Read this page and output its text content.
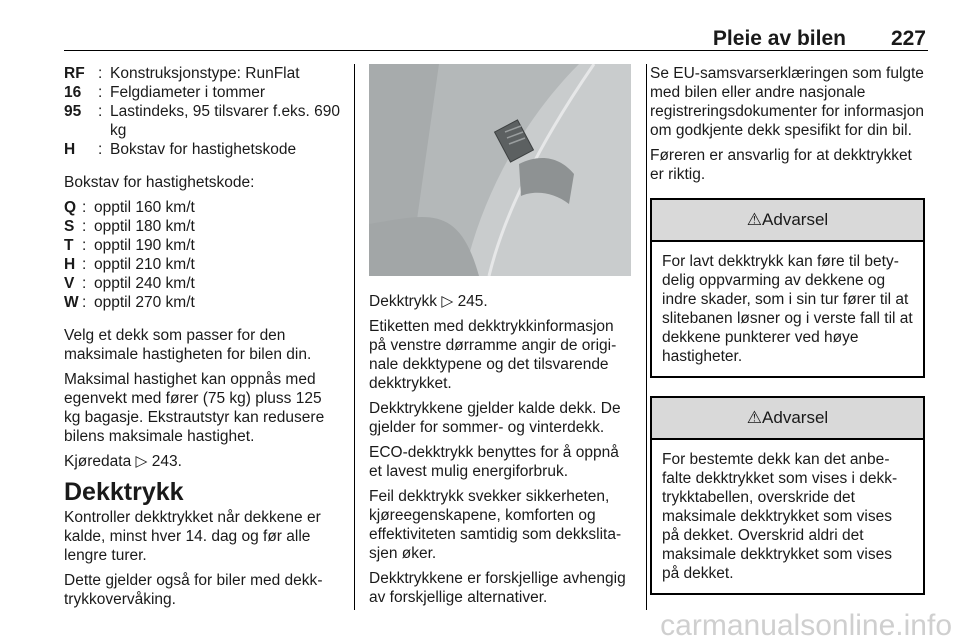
Pleie av bilen 227
RF : Konstruksjonstype: RunFlat
16	: Felgdiameter i tommer
95	: Lastindeks, 95 tilsvarer f.eks. 690 kg
H	: Bokstav for hastighetskode

Bokstav for hastighetskode:

Q : opptil 160 km/t
S : opptil 180 km/t
T : opptil 190 km/t
H : opptil 210 km/t
V : opptil 240 km/t
W : opptil 270 km/t

Velg et dekk som passer for den maksimale hastigheten for bilen din.

Maksimal hastighet kan oppnås med egenvekt med fører (75 kg) pluss 125 kg bagasje. Ekstrautstyr kan redusere bilens maksimale hastighet.

Kjøredata ▷ 243.

Dekktrykk

Kontroller dekktrykket når dekkene er kalde, minst hver 14. dag og før alle lengre turer.

Dette gjelder også for biler med dekktrykkovervåking.

Dekktrykk ▷ 245.

Etiketten med dekktrykkinformasjon på venstre dørramme angir de originale dekktypene og det tilsvarende dekktrykket.

Dekktrykkene gjelder kalde dekk. De gjelder for sommer- og vinterdekk.

ECO-dekktrykk benyttes for å oppnå et lavest mulig energiforbruk.

Feil dekktrykk svekker sikkerheten, kjøreegenskapene, komforten og effektiviteten samtidig som dekkslitasjen øker.

Dekktrykkene er forskjellige avhengig av forskjellige alternativer.

Se EU-samsvarserklæringen som fulgte med bilen eller andre nasjonale registreringsdokumenter for informasjon om godkjente dekk spesifikt for din bil.

Føreren er ansvarlig for at dekktrykket er riktig.

⚠Advarsel
For lavt dekktrykk kan føre til betydelig oppvarming av dekkene og indre skader, som i sin tur fører til at slitebanen løsner og i verste fall til at dekkene punkterer ved høye hastigheter.
⚠Advarsel
For bestemte dekk kan det anbefalte dekktrykket som vises i dekktrykktabellen, overskride det maksimale dekktrykket som vises på dekket. Overskrid aldri det maksimale dekktrykket som vises på dekket.
carmanualsonline.info
